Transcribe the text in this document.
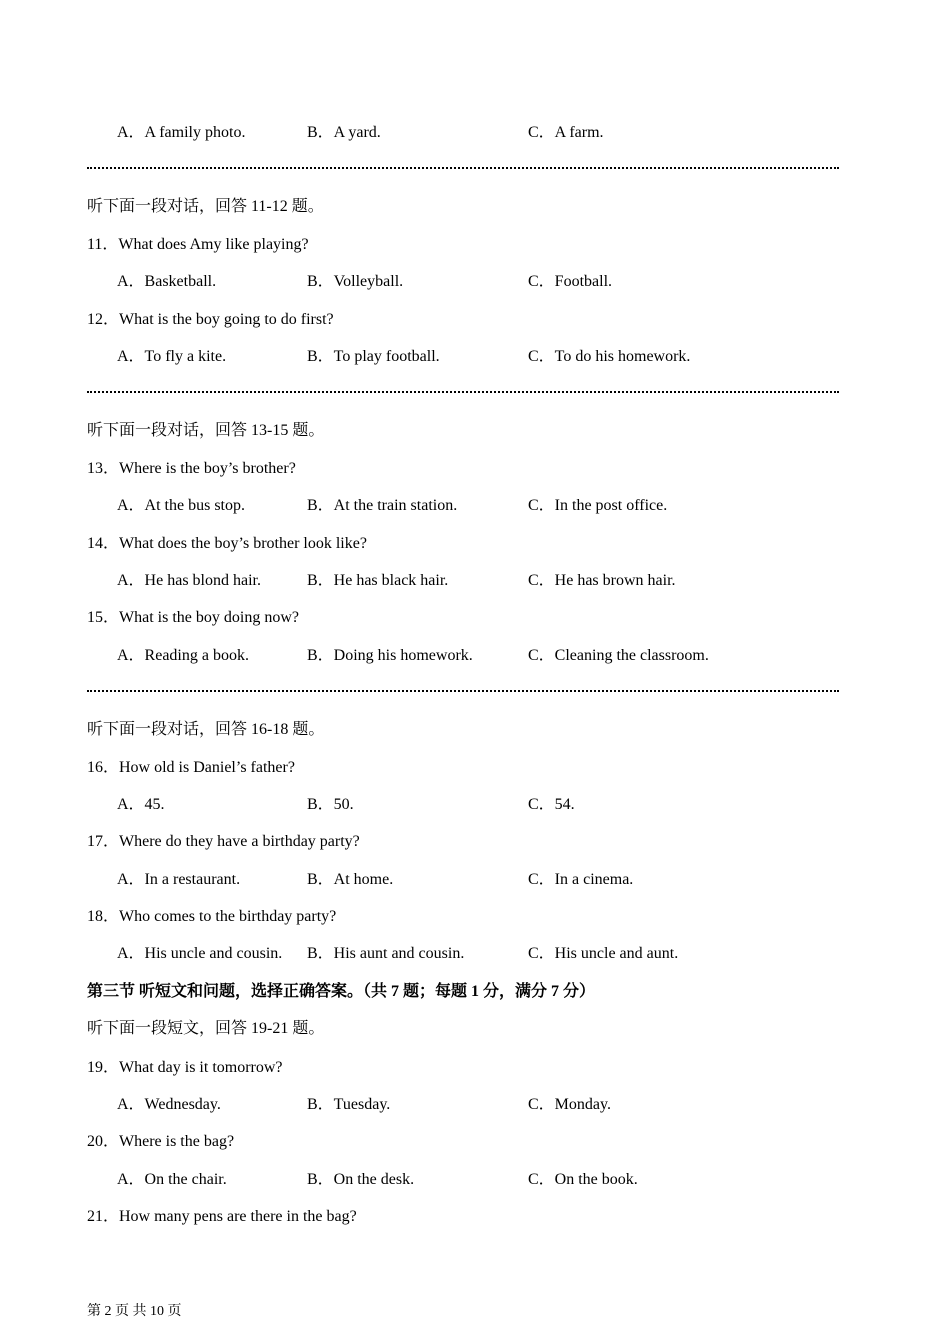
A．A family photo.	B．A yard.	C．A farm.
听下面一段对话，回答 11-12 题。
11．What does Amy like playing?
A．Basketball.	B．Volleyball.	C．Football.
12．What is the boy going to do first?
A．To fly a kite.	B．To play football.	C．To do his homework.
听下面一段对话，回答 13-15 题。
13．Where is the boy’s brother?
A．At the bus stop.	B．At the train station.	C．In the post office.
14．What does the boy’s brother look like?
A．He has blond hair.	B．He has black hair.	C．He has brown hair.
15．What is the boy doing now?
A．Reading a book.	B．Doing his homework.	C．Cleaning the classroom.
听下面一段对话，回答 16-18 题。
16．How old is Daniel’s father?
A．45.	B．50.	C．54.
17．Where do they have a birthday party?
A．In a restaurant.	B．At home.	C．In a cinema.
18．Who comes to the birthday party?
A．His uncle and cousin. B．His aunt and cousin.	C．His uncle and aunt.
第三节 听短文和问题，选择正确答案。（共 7 题；每题 1 分，满分 7 分）
听下面一段短文，回答 19-21 题。
19．What day is it tomorrow?
A．Wednesday.	B．Tuesday.	C．Monday.
20．Where is the bag?
A．On the chair.	B．On the desk.	C．On the book.
21．How many pens are there in the bag?
第 2 页 共 10 页
